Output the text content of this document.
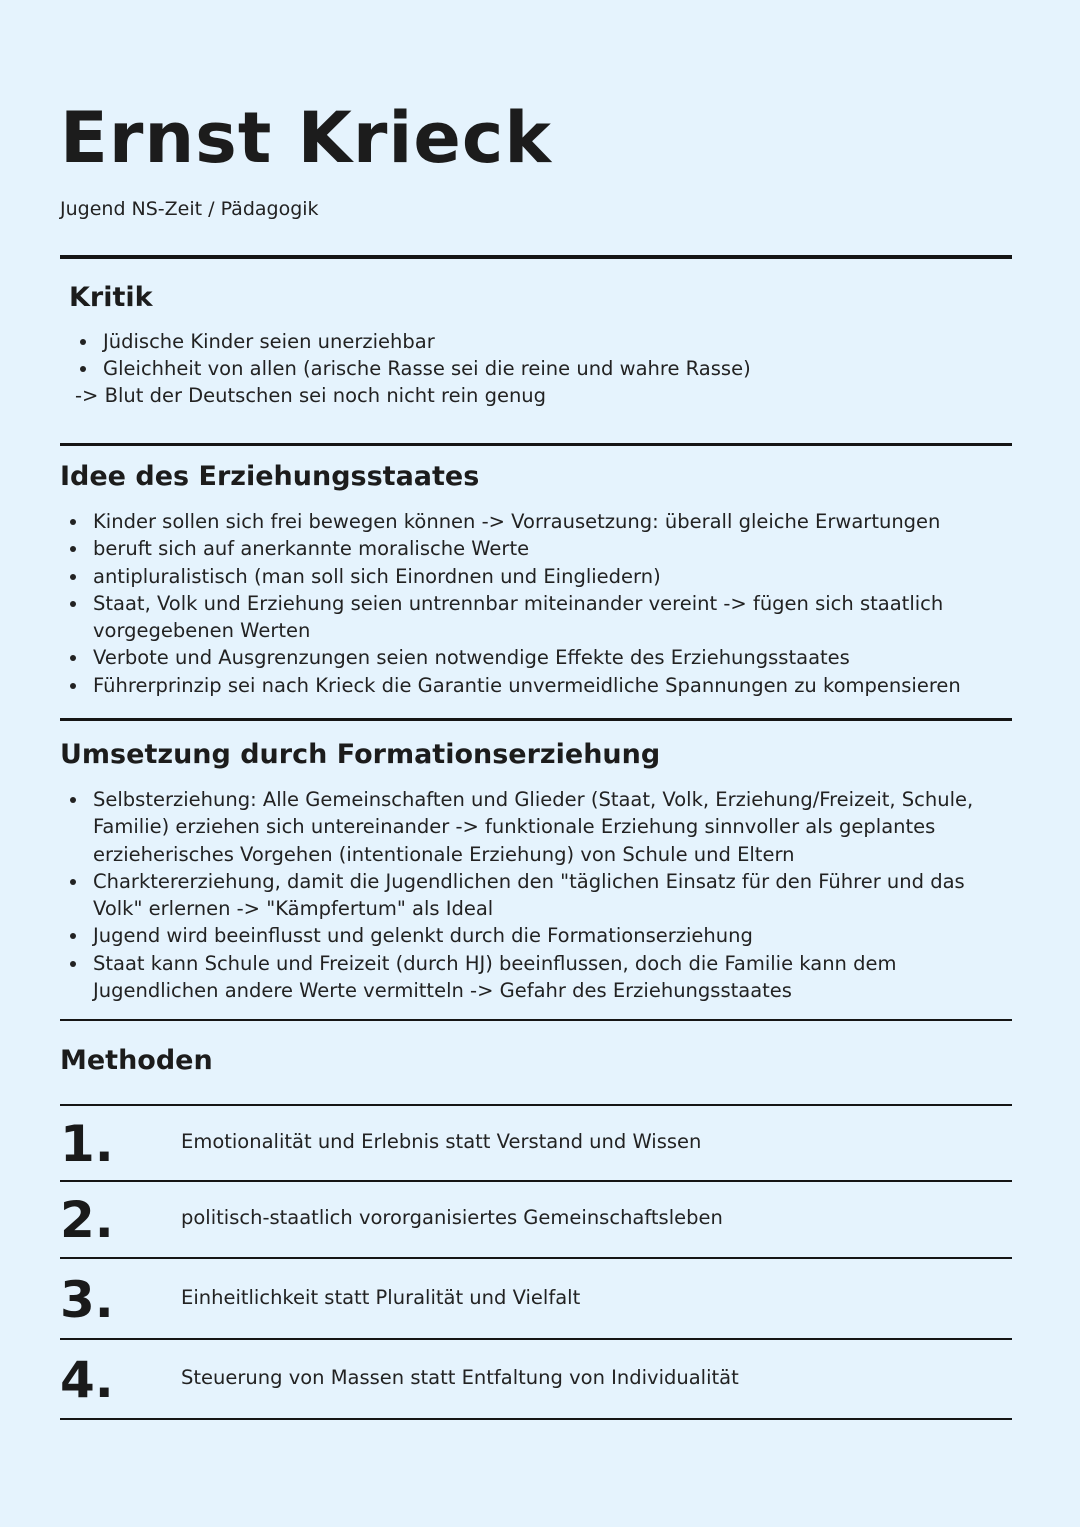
Ernst Krieck

Jugend NS-Zeit / Pädagogik

Kritik
Jüdische Kinder seien unerziehbar
Gleichheit von allen (arische Rasse sei die reine und wahre Rasse)
-> Blut der Deutschen sei noch nicht rein genug
Idee des Erziehungsstaates
Kinder sollen sich frei bewegen können -> Vorrausetzung: überall gleiche Erwartungen
beruft sich auf anerkannte moralische Werte
antipluralistisch (man soll sich Einordnen und Eingliedern)
Staat, Volk und Erziehung seien untrennbar miteinander vereint -> fügen sich staatlich vorgegebenen Werten
Verbote und Ausgrenzungen seien notwendige Effekte des Erziehungsstaates
Führerprinzip sei nach Krieck die Garantie unvermeidliche Spannungen zu kompensieren
Umsetzung durch Formationserziehung
Selbsterziehung: Alle Gemeinschaften und Glieder (Staat, Volk, Erziehung/Freizeit, Schule, Familie) erziehen sich untereinander -> funktionale Erziehung sinnvoller als geplantes erzieherisches Vorgehen (intentionale Erziehung) von Schule und Eltern
Charktererziehung, damit die Jugendlichen den "täglichen Einsatz für den Führer und das Volk" erlernen -> "Kämpfertum" als Ideal
Jugend wird beeinflusst und gelenkt durch die Formationserziehung
Staat kann Schule und Freizeit (durch HJ) beeinflussen, doch die Familie kann dem Jugendlichen andere Werte vermitteln -> Gefahr des Erziehungsstaates
Methoden
1.	Emotionalität und Erlebnis statt Verstand und Wissen
2.	politisch-staatlich vororganisiertes Gemeinschaftsleben
3.	Einheitlichkeit statt Pluralität und Vielfalt
4.	Steuerung von Massen statt Entfaltung von Individualität
